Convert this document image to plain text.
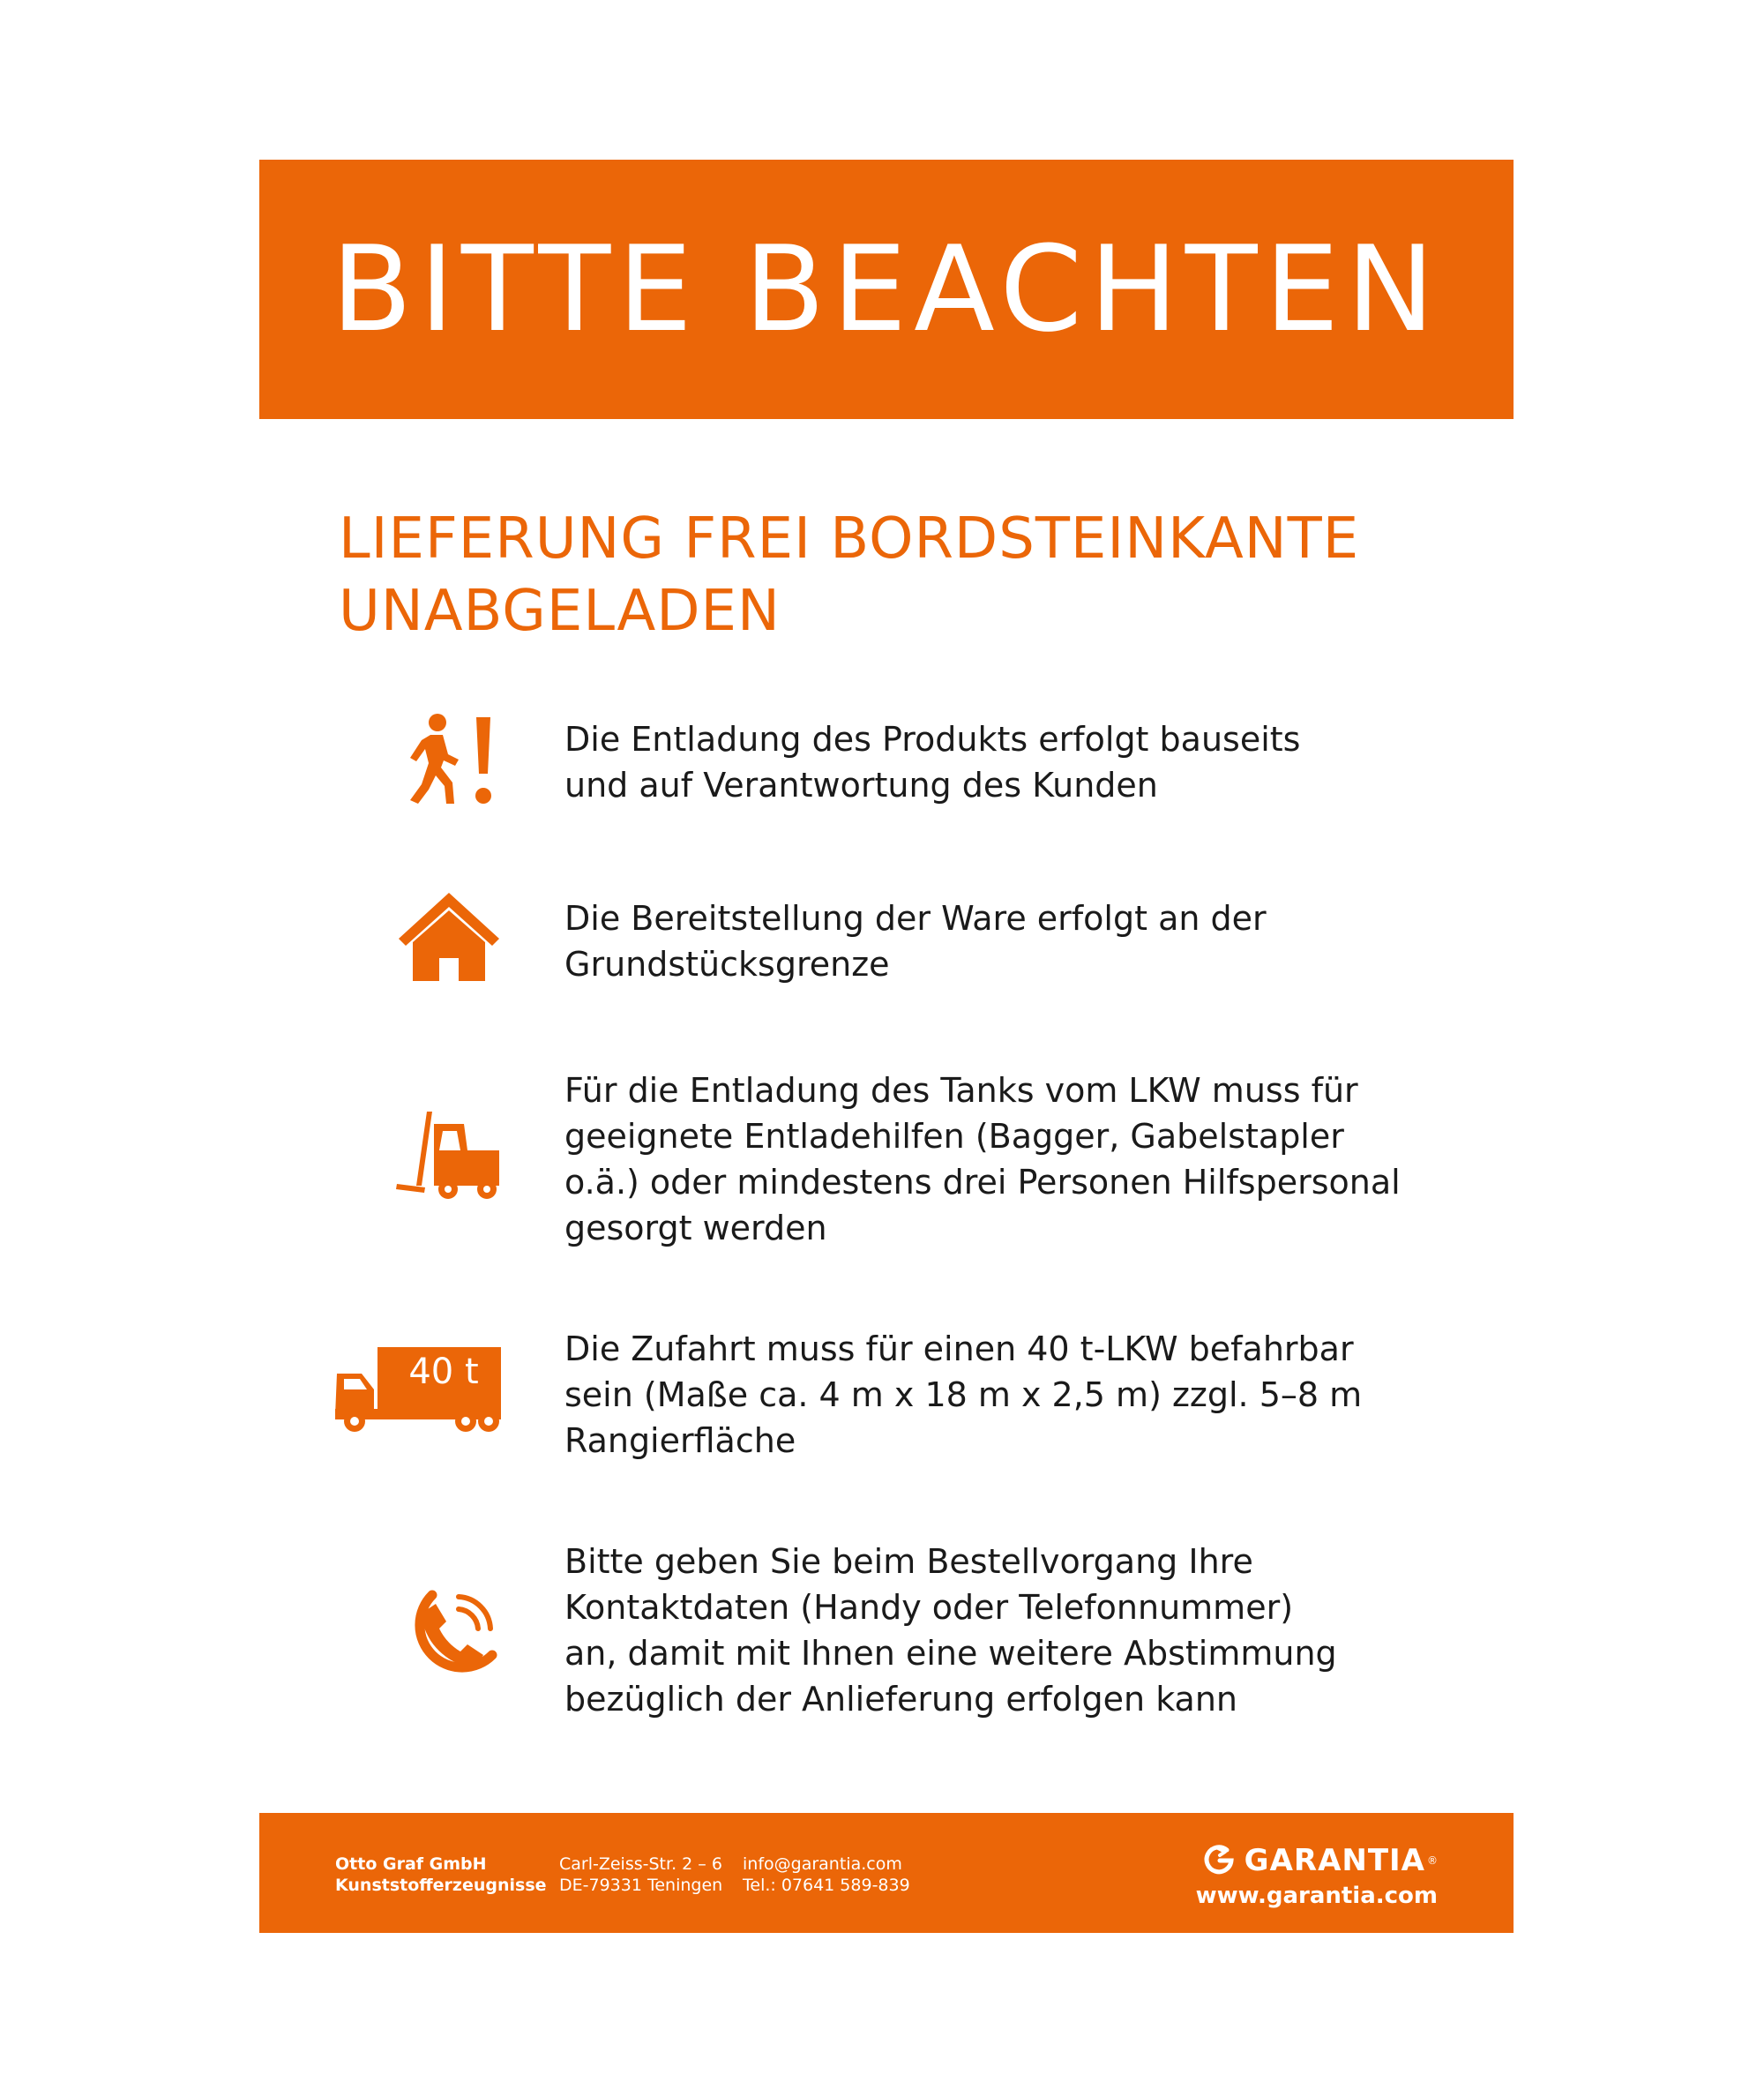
BITTE BEACHTEN
LIEFERUNG FREI BORDSTEINKANTE
UNABGELADEN
Die Entladung des Produkts erfolgt bauseits
und auf Verantwortung des Kunden
Die Bereitstellung der Ware erfolgt an der
Grundstücksgrenze
Für die Entladung des Tanks vom LKW muss für
geeignete Entladehilfen (Bagger, Gabelstapler
o.ä.) oder mindestens drei Personen Hilfspersonal
gesorgt werden
40 t
Die Zufahrt muss für einen 40 t-LKW befahrbar
sein (Maße ca. 4 m x 18 m x 2,5 m) zzgl. 5–8 m
Rangierfläche
Bitte geben Sie beim Bestellvorgang Ihre
Kontaktdaten (Handy oder Telefonnummer)
an, damit mit Ihnen eine weitere Abstimmung
bezüglich der Anlieferung erfolgen kann
Otto Graf GmbH
Kunststofferzeugnisse
Carl-Zeiss-Str. 2 – 6
DE-79331 Teningen
info@garantia.com
Tel.: 07641 589-839
GARANTIA ®
www.garantia.com
